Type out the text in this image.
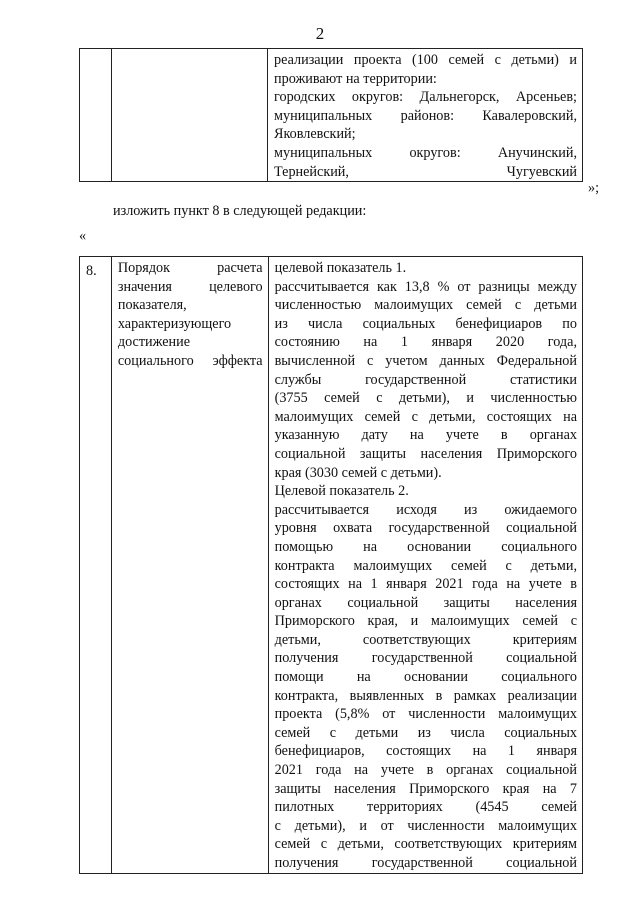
2

реализации проекта (100 семей с детьми) и
проживают на территории:
городских округов: Дальнегорск, Арсеньев;
муниципальных районов: Кавалеровский,
Яковлевский;
муниципальных округов: Анучинский,
Тернейский, Чугуевский
»;
изложить пункт 8 в следующей редакции:
«
8.	Порядок расчета
значения целевого
показателя,
характеризующего
достижение
социального эффекта

целевой показатель 1.
рассчитывается как 13,8 % от разницы между
численностью малоимущих семей с детьми
из числа социальных бенефициаров по
состоянию на 1 января 2020 года,
вычисленной с учетом данных Федеральной
службы государственной статистики
(3755 семей с детьми), и численностью
малоимущих семей с детьми, состоящих на
указанную дату на учете в органах
социальной защиты населения Приморского
края (3030 семей с детьми).
Целевой показатель 2.
рассчитывается исходя из ожидаемого
уровня охвата государственной социальной
помощью на основании социального
контракта малоимущих семей с детьми,
состоящих на 1 января 2021 года на учете в
органах социальной защиты населения
Приморского края, и малоимущих семей с
детьми, соответствующих критериям
получения государственной социальной
помощи на основании социального
контракта, выявленных в рамках реализации
проекта (5,8% от численности малоимущих
семей с детьми из числа социальных
бенефициаров, состоящих на 1 января
2021 года на учете в органах социальной
защиты населения Приморского края на 7
пилотных территориях (4545 семей
с детьми), и от численности малоимущих
семей с детьми, соответствующих критериям
получения государственной социальной
